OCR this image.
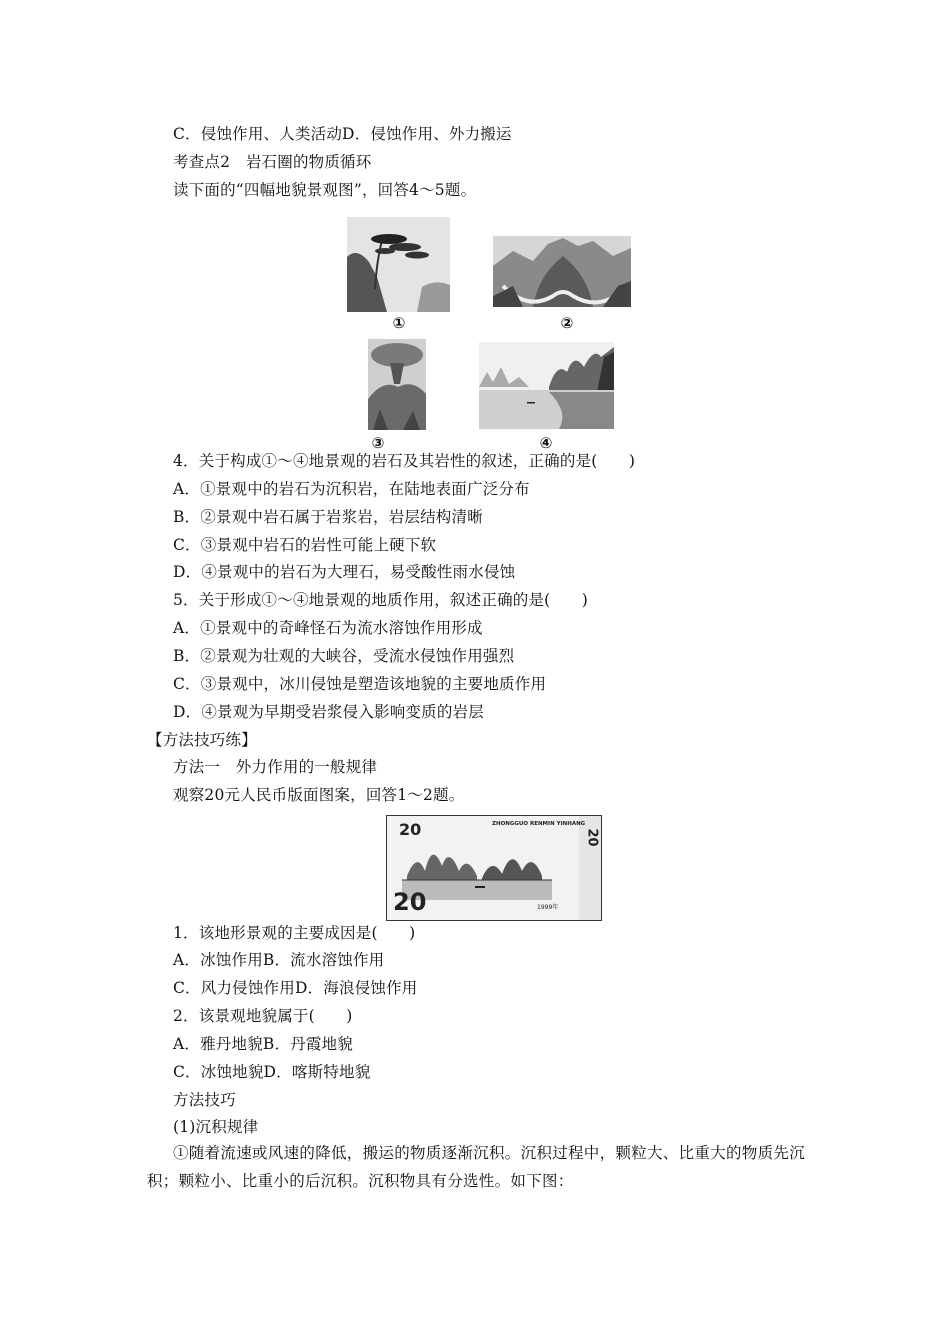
C．侵蚀作用、人类活动D．侵蚀作用、外力搬运
考查点2　岩石圈的物质循环
读下面的“四幅地貌景观图”，回答4～5题。
①	②
③	④
4．关于构成①～④地景观的岩石及其岩性的叙述，正确的是(　　)
A．①景观中的岩石为沉积岩，在陆地表面广泛分布
B．②景观中岩石属于岩浆岩，岩层结构清晰
C．③景观中岩石的岩性可能上硬下软
D．④景观中的岩石为大理石，易受酸性雨水侵蚀
5．关于形成①～④地景观的地质作用，叙述正确的是(　　)
A．①景观中的奇峰怪石为流水溶蚀作用形成
B．②景观为壮观的大峡谷，受流水侵蚀作用强烈
C．③景观中，冰川侵蚀是塑造该地貌的主要地质作用
D．④景观为早期受岩浆侵入影响变质的岩层
【方法技巧练】
方法一　外力作用的一般规律
观察20元人民币版面图案，回答1～2题。
20	ZHONGGUO RENMIN YINHANG
20
20	1999年
1．该地形景观的主要成因是(　　)
A．冰蚀作用B．流水溶蚀作用
C．风力侵蚀作用D．海浪侵蚀作用
2．该景观地貌属于(　　)
A．雅丹地貌B．丹霞地貌
C．冰蚀地貌D．喀斯特地貌
方法技巧
(1)沉积规律
①随着流速或风速的降低，搬运的物质逐渐沉积。沉积过程中，颗粒大、比重大的物质先沉积；颗粒小、比重小的后沉积。沉积物具有分选性。如下图：
